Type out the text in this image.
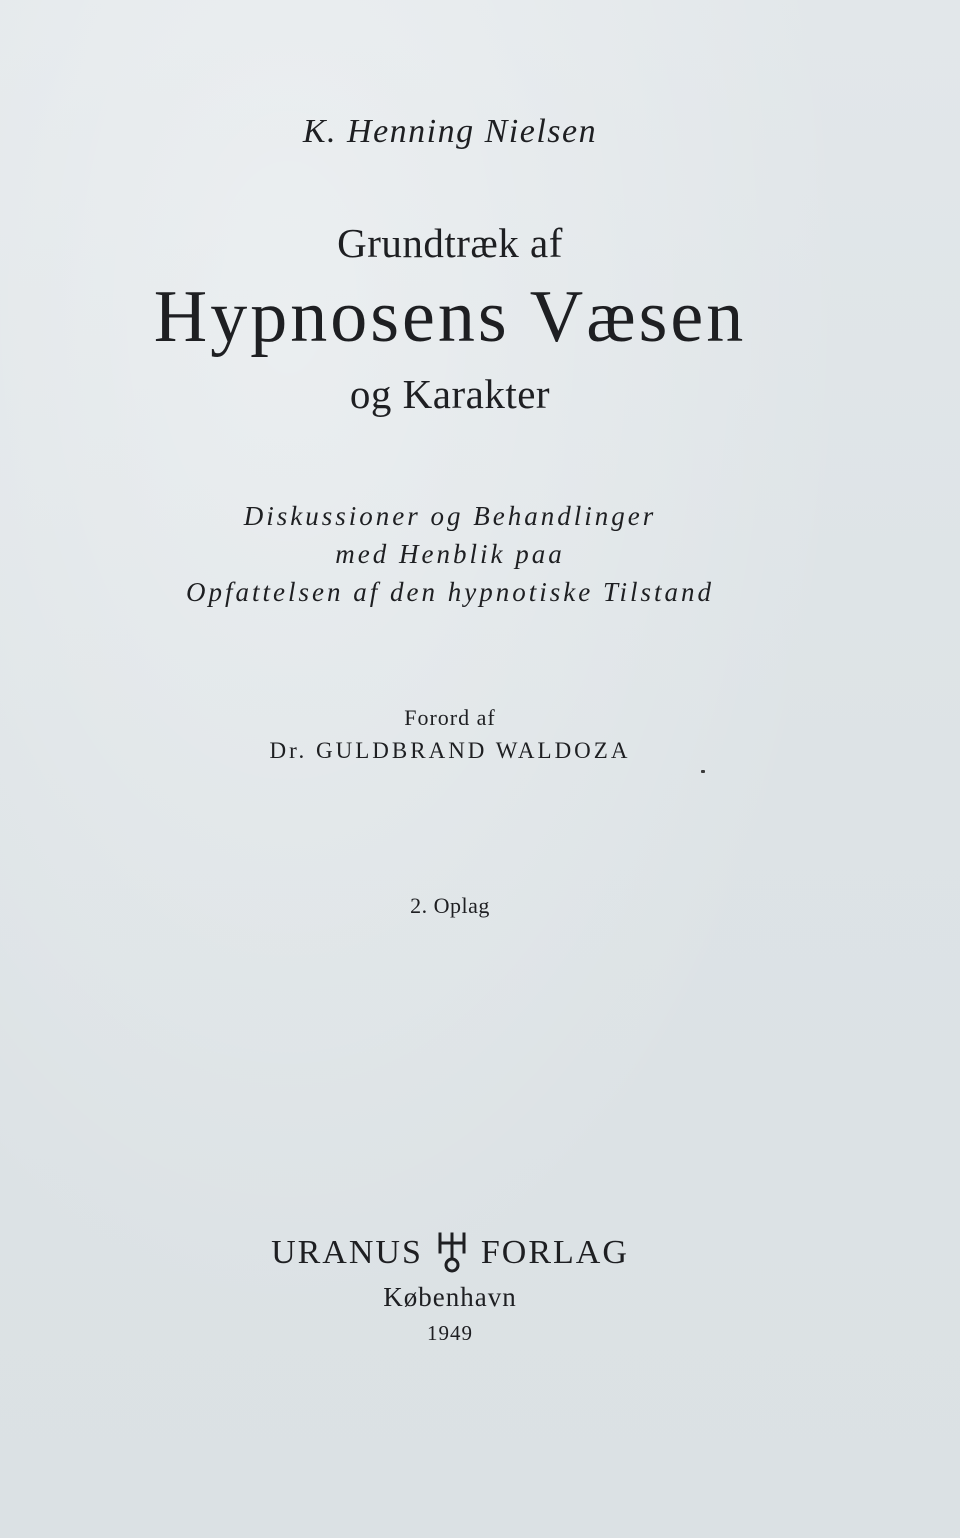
K. Henning Nielsen
Grundtræk af
Hypnosens Væsen
og Karakter
Diskussioner og Behandlinger
med Henblik paa
Opfattelsen af den hypnotiske Tilstand
Forord af
Dr. GULDBRAND WALDOZA
2. Oplag
URANUS FORLAG
København
1949
